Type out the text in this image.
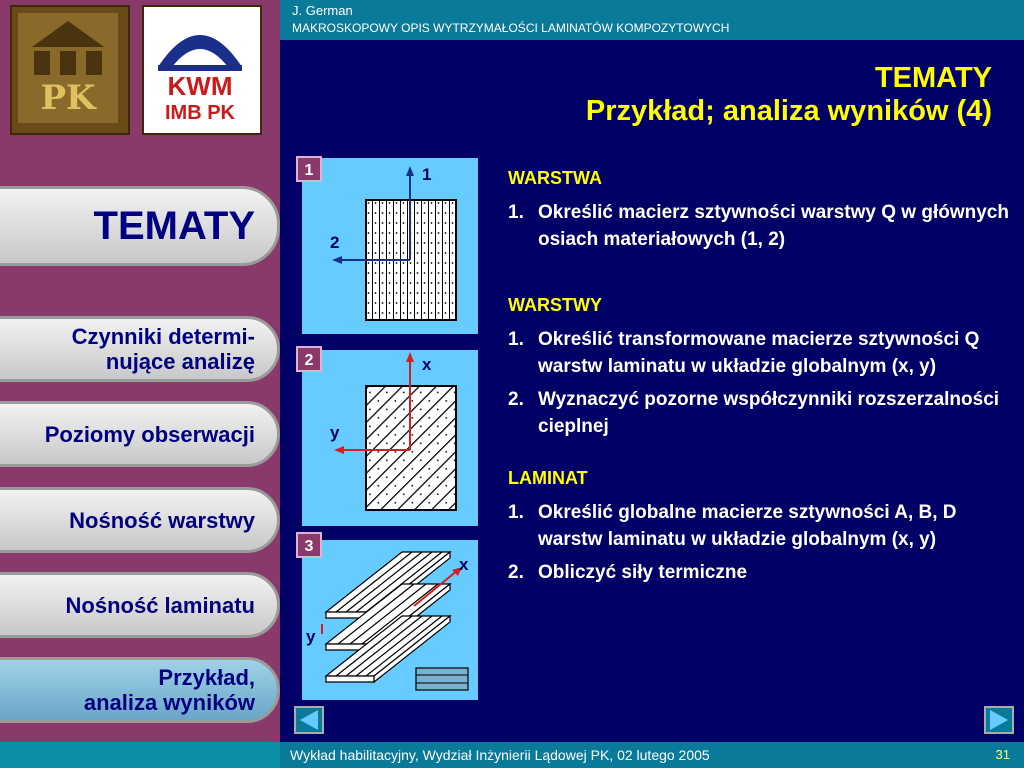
J. German
MAKROSKOPOWY OPIS WYTRZYMAŁOŚCI LAMINATÓW KOMPOZYTOWYCH
PK	KWM
IMB PK
TEMATY
Przykład; analiza wyników (4)
TEMATY
Czynniki determi-
nujące analizę
Poziomy obserwacji
Nośność warstwy
Nośność laminatu
Przykład,
analiza wyników
1
2
1
x
y
2
x
y
3
WARSTWA
1. Określić macierz sztywności warstwy Q w głównych osiach materiałowych (1, 2)
WARSTWY
1. Określić transformowane macierze sztywności Q warstw laminatu w układzie globalnym (x, y)
2. Wyznaczyć pozorne współczynniki rozszerzalności cieplnej
LAMINAT
1. Określić globalne macierze sztywności A, B, D warstw laminatu w układzie globalnym (x, y)
2. Obliczyć siły termiczne
Wykład habilitacyjny, Wydział Inżynierii Lądowej PK, 02 lutego 2005	31
